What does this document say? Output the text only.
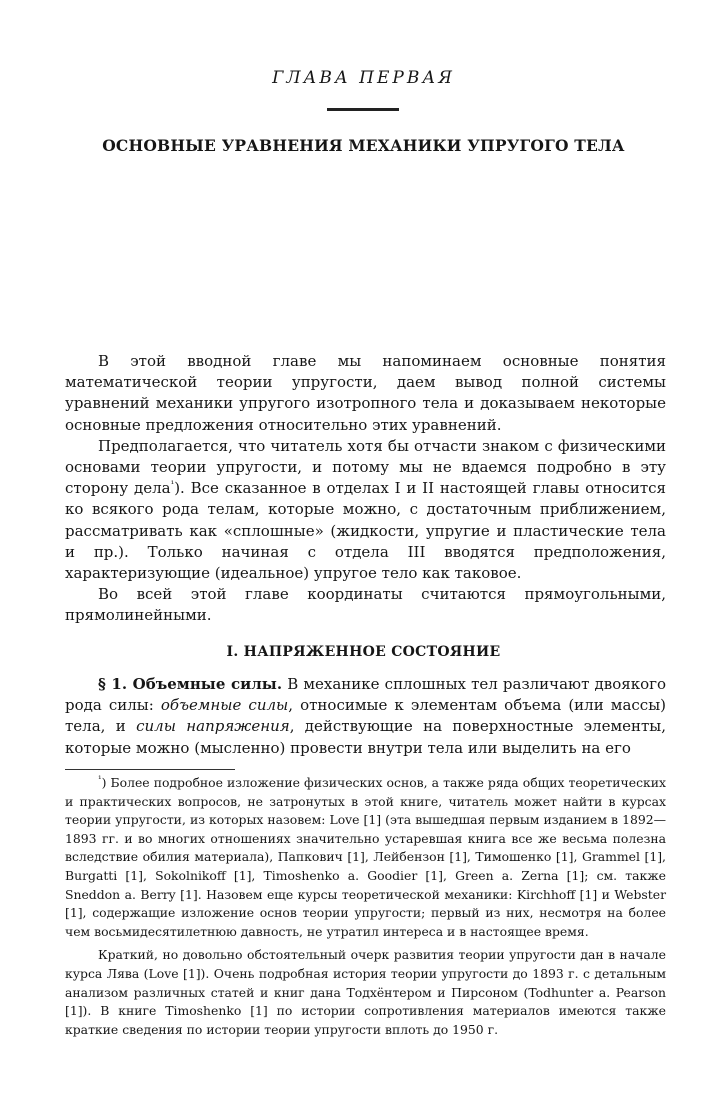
ГЛАВА ПЕРВАЯ
ОСНОВНЫЕ УРАВНЕНИЯ МЕХАНИКИ УПРУГОГО ТЕЛА

В этой вводной главе мы напоминаем основные понятия математической теории упругости, даем вывод полной системы уравнений механики упругого изотропного тела и доказываем некоторые основные предложения относительно этих уравнений.

Предполагается, что читатель хотя бы отчасти знаком с физическими основами теории упругости, и потому мы не вдаемся подробно в эту сторону дела$^{^1}$). Все сказанное в отделах I и II настоящей главы относится ко всякого рода телам, которые можно, с достаточным приближением, рассматривать как «сплошные» (жидкости, упругие и пластические тела и пр.). Только начиная с отдела III вводятся предположения, характеризующие (идеальное) упругое тело как таковое.

Во всей этой главе координаты считаются прямоугольными, прямолинейными.

I. НАПРЯЖЕННОЕ СОСТОЯНИЕ

§ 1. Объемные силы. В механике сплошных тел различают двоякого рода силы: объемные силы, относимые к элементам объема (или массы) тела, и силы напряжения, действующие на поверхностные элементы, которые можно (мысленно) провести внутри тела или выделить на его

$^{^1}$) Более подробное изложение физических основ, а также ряда общих теоретических и практических вопросов, не затронутых в этой книге, читатель может найти в курсах теории упругости, из которых назовем: Love [1] (эта вышедшая первым изданием в 1892—1893 гг. и во многих отношениях значительно устаревшая книга все же весьма полезна вследствие обилия материала), Папкович [1], Лейбензон [1], Тимошенко [1], Grammel [1], Burgatti [1], Sokolnikoff [1], Timoshenko a. Goodier [1], Green a. Zerna [1]; см. также Sneddon a. Berry [1]. Назовем еще курсы теоретической механики: Kirchhoff [1] и Webster [1], содержащие изложение основ теории упругости; первый из них, несмотря на более чем восьмидесятилетнюю давность, не утратил интереса и в настоящее время.

Краткий, но довольно обстоятельный очерк развития теории упругости дан в начале курса Лява (Love [1]). Очень подробная история теории упругости до 1893 г. с детальным анализом различных статей и книг дана Тодхёнтером и Пирсоном (Todhunter a. Pearson [1]). В книге Timoshenko [1] по истории сопротивления материалов имеются также краткие сведения по истории теории упругости вплоть до 1950 г.
